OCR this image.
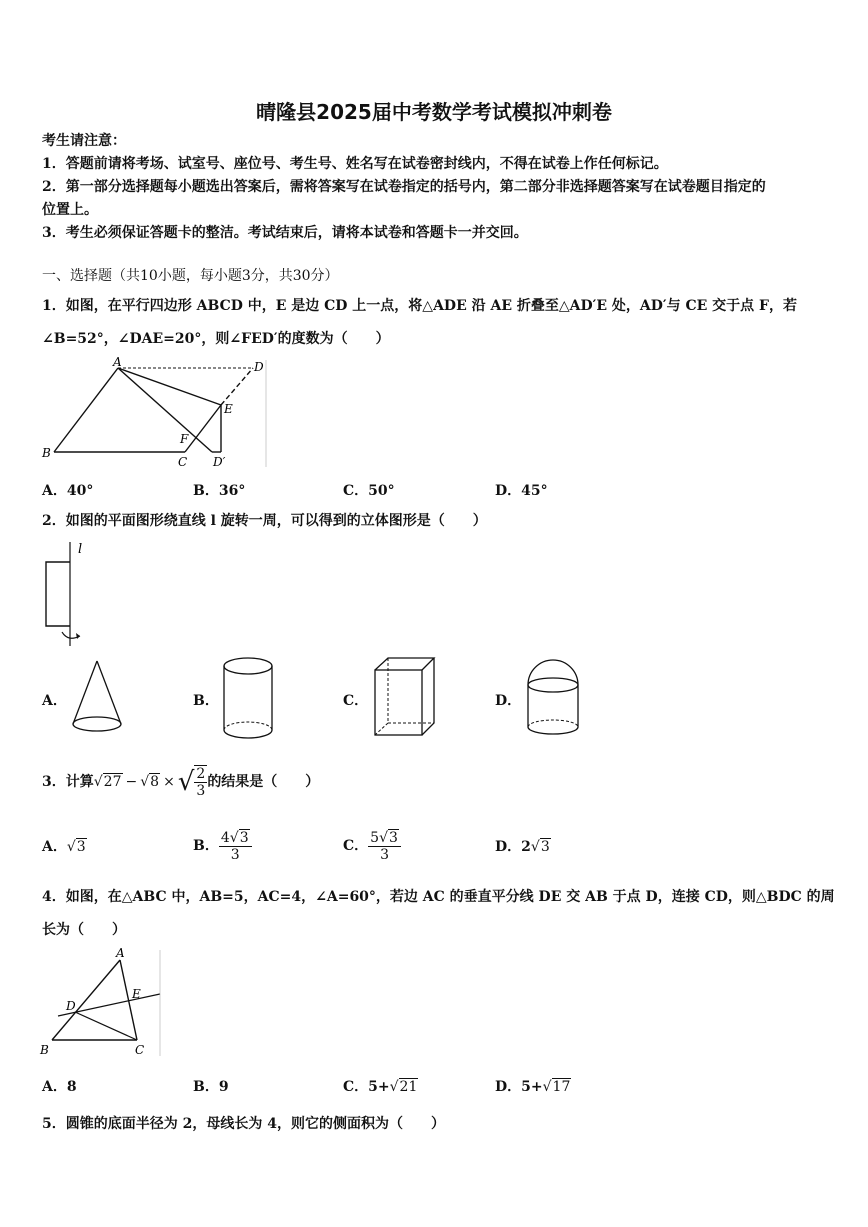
晴隆县2025届中考数学考试模拟冲刺卷
考生请注意：
1．答题前请将考场、试室号、座位号、考生号、姓名写在试卷密封线内，不得在试卷上作任何标记。
2．第一部分选择题每小题选出答案后，需将答案写在试卷指定的括号内，第二部分非选择题答案写在试卷题目指定的
位置上。
3．考生必须保证答题卡的整洁。考试结束后，请将本试卷和答题卡一并交回。
一、选择题（共10小题，每小题3分，共30分）
1．如图，在平行四边形 ABCD 中，E 是边 CD 上一点，将△ADE 沿 AE 折叠至△AD′E 处，AD′与 CE 交于点 F，若
∠B=52°，∠DAE=20°，则∠FED′的度数为（　　）
A
B
C
D
E
F
D′
A．40°	B．36°	C．50°	D．45°
2．如图的平面图形绕直线 l 旋转一周，可以得到的立体图形是（　　）
l
A．	B．	C．	D．
3．计算√27 − √8 × √ $\frac{2}{3}$ 的结果是（　　）
A．√3	B． $\frac{4√3}{3}$	C． $\frac{5√3}{3}$	D．2√3
4．如图，在△ABC 中，AB=5，AC=4，∠A=60°，若边 AC 的垂直平分线 DE 交 AB 于点 D，连接 CD，则△BDC 的周
长为（　　）
A
B	C
D
E
A．8	B．9	C．5+√21	D．5+√17
5．圆锥的底面半径为 2，母线长为 4，则它的侧面积为（　　）
